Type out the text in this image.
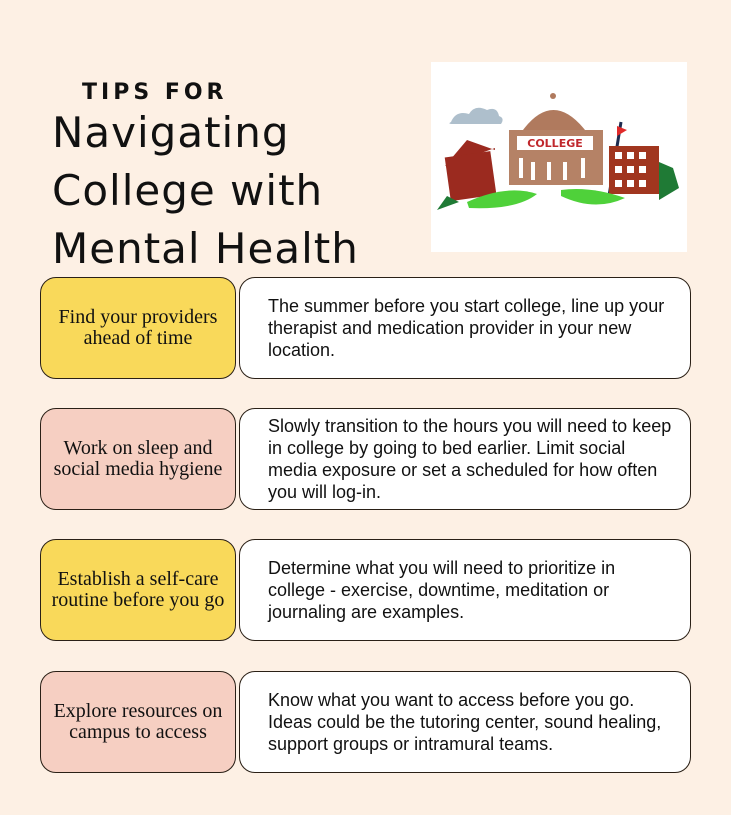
TIPS FOR
Navigating
College with
Mental Health
COLLEGE
Find your providers ahead of time
The summer before you start college, line up your therapist and medication provider in your new location.
Work on sleep and social media hygiene
Slowly transition to the hours you will need to keep in college by going to bed earlier. Limit social media exposure or set a scheduled for how often you will log-in.
Establish a self-care routine before you go
Determine what you will need to prioritize in college - exercise, downtime, meditation or journaling are examples.
Explore resources on campus to access
Know what you want to access before you go. Ideas could be the tutoring center, sound healing, support groups or intramural teams.
